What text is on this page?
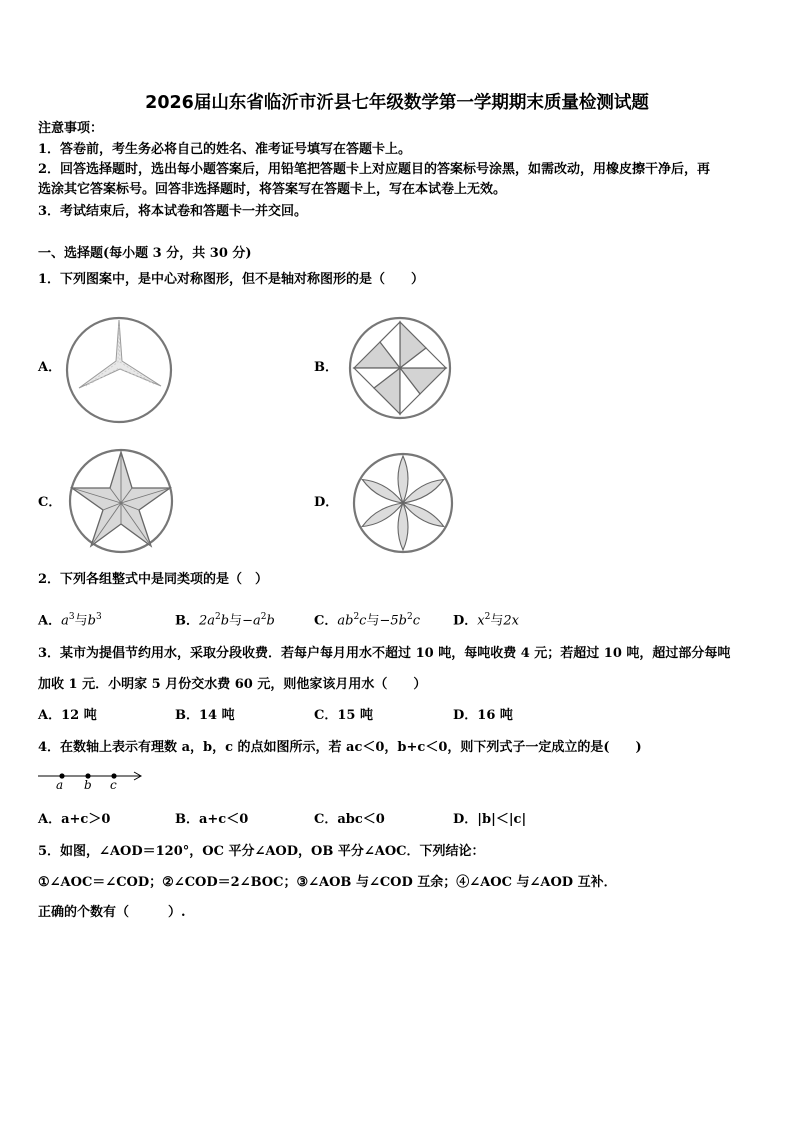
2026届山东省临沂市沂县七年级数学第一学期期末质量检测试题
注意事项：
1．答卷前，考生务必将自己的姓名、准考证号填写在答题卡上。
2．回答选择题时，选出每小题答案后，用铅笔把答题卡上对应题目的答案标号涂黑，如需改动，用橡皮擦干净后，再
选涂其它答案标号。回答非选择题时，将答案写在答题卡上，写在本试卷上无效。
3．考试结束后，将本试卷和答题卡一并交回。
一、选择题(每小题 3 分，共 30 分)
1．下列图案中，是中心对称图形，但不是轴对称图形的是（　　）
A．	B．
C．	D．
2．下列各组整式中是同类项的是（　）
A．$a^3$与$b^3$	B．$2a^2b$与$-a^2b$	C．$ab^2c$与$-5b^2c$	D．$x^2$与2x
3．某市为提倡节约用水，采取分段收费．若每户每月用水不超过 10 吨，每吨收费 4 元；若超过 10 吨，超过部分每吨
加收 1 元．小明家 5 月份交水费 60 元，则他家该月用水（　　）
A．12 吨	B．14 吨	C．15 吨	D．16 吨
4．在数轴上表示有理数 a，b，c 的点如图所示，若 ac＜0，b+c＜0，则下列式子一定成立的是(　　)
a b c
A．a+c＞0	B．a+c＜0	C．abc＜0	D．|b|＜|c|
5．如图，∠AOD＝120°，OC 平分∠AOD，OB 平分∠AOC．下列结论：
①∠AOC＝∠COD；②∠COD＝2∠BOC；③∠AOB 与∠COD 互余；④∠AOC 与∠AOD 互补．
正确的个数有（　　　）.
